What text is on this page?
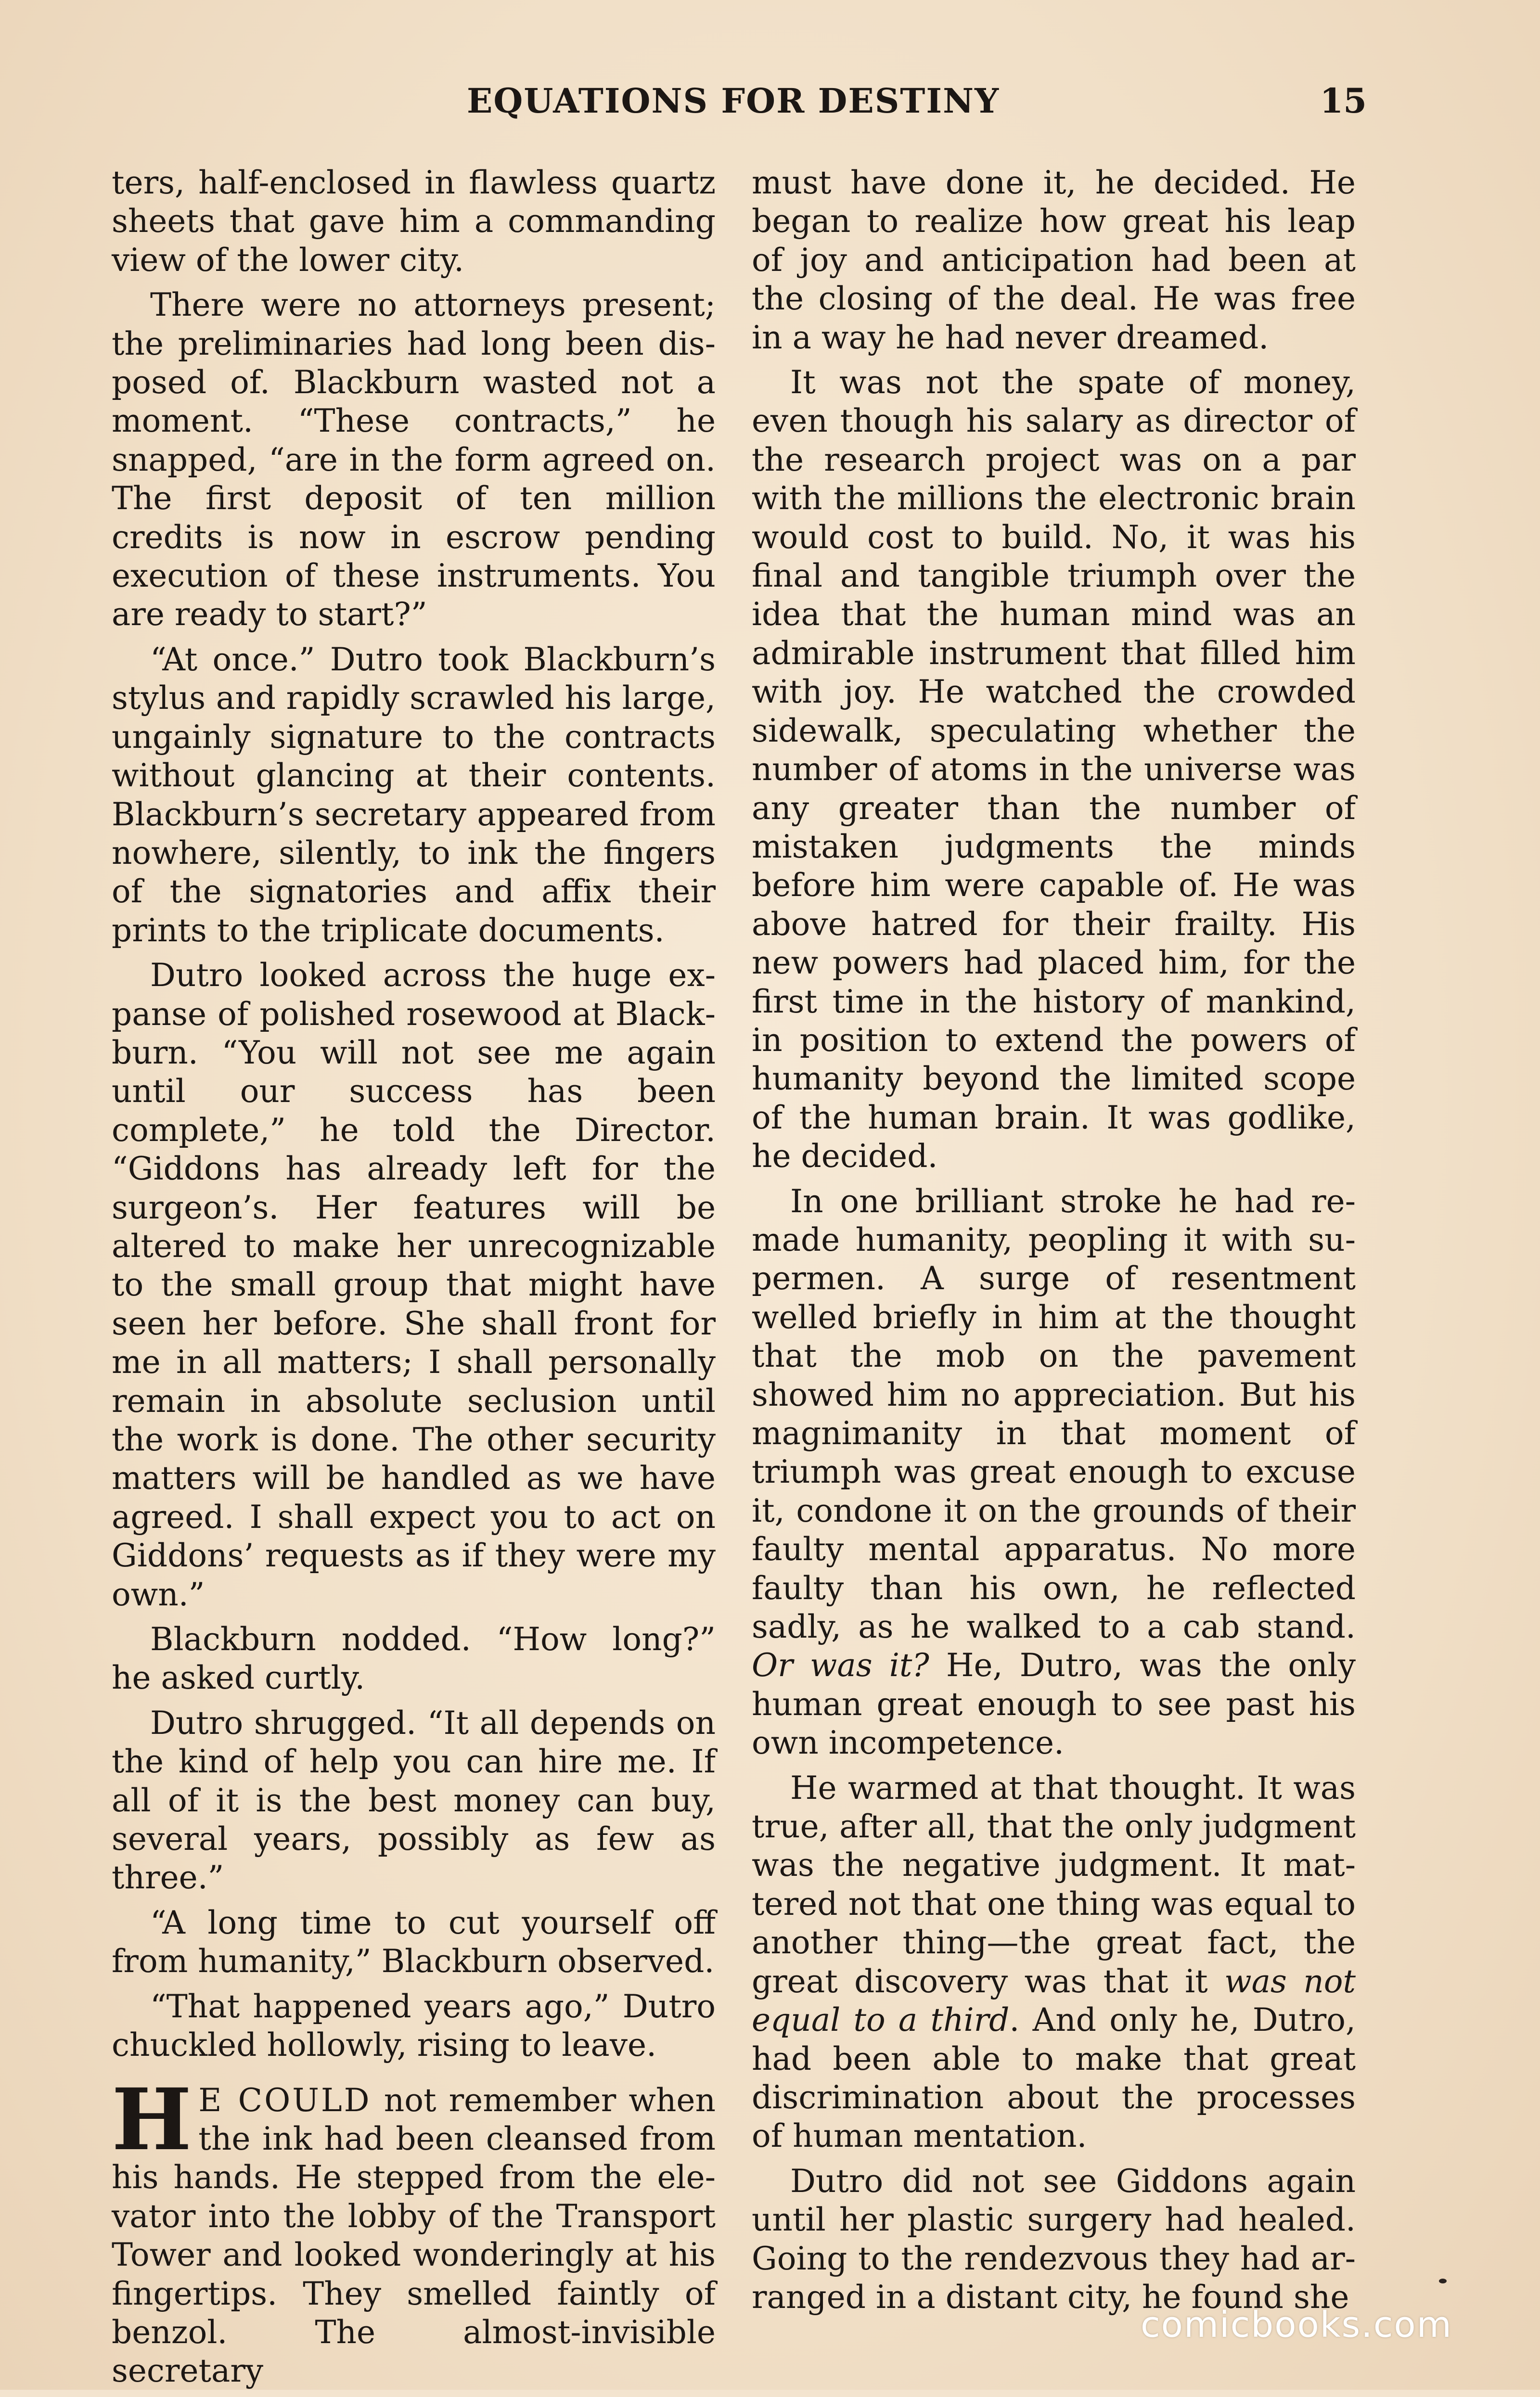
EQUATIONS FOR DESTINY	15

ters, half-enclosed in flawless quartz sheets that gave him a commanding view of the lower city.

There were no attorneys present; the preliminaries had long been disposed of. Blackburn wasted not a moment. “These contracts,” he snapped, “are in the form agreed on. The first deposit of ten million credits is now in escrow pending execution of these instruments. You are ready to start?”

“At once.” Dutro took Blackburn’s stylus and rapidly scrawled his large, ungainly signature to the contracts without glancing at their contents. Blackburn’s secretary appeared from nowhere, silently, to ink the fingers of the signatories and affix their prints to the triplicate documents.

Dutro looked across the huge expanse of polished rosewood at Blackburn. “You will not see me again until our success has been complete,” he told the Director. “Giddons has already left for the surgeon’s. Her features will be altered to make her unrecognizable to the small group that might have seen her before. She shall front for me in all matters; I shall personally remain in absolute seclusion until the work is done. The other security matters will be handled as we have agreed. I shall expect you to act on Giddons’ requests as if they were my own.”

Blackburn nodded. “How long?” he asked curtly.

Dutro shrugged. “It all depends on the kind of help you can hire me. If all of it is the best money can buy, several years, possibly as few as three.”

“A long time to cut yourself off from humanity,” Blackburn observed.

“That happened years ago,” Dutro chuckled hollowly, rising to leave.

H E COULD not remember when the ink had been cleansed from his hands. He stepped from the elevator into the lobby of the Transport Tower and looked wonderingly at his fingertips. They smelled faintly of benzol. The almost-invisible secretary

must have done it, he decided. He began to realize how great his leap of joy and anticipation had been at the closing of the deal. He was free in a way he had never dreamed.

It was not the spate of money, even though his salary as director of the research project was on a par with the millions the electronic brain would cost to build. No, it was his final and tangible triumph over the idea that the human mind was an admirable instrument that filled him with joy. He watched the crowded sidewalk, speculating whether the number of atoms in the universe was any greater than the number of mistaken judgments the minds before him were capable of. He was above hatred for their frailty. His new powers had placed him, for the first time in the history of mankind, in position to extend the powers of humanity beyond the limited scope of the human brain. It was godlike, he decided.

In one brilliant stroke he had remade humanity, peopling it with supermen. A surge of resentment welled briefly in him at the thought that the mob on the pavement showed him no appreciation. But his magnimanity in that moment of triumph was great enough to excuse it, condone it on the grounds of their faulty mental apparatus. No more faulty than his own, he reflected sadly, as he walked to a cab stand. Or was it? He, Dutro, was the only human great enough to see past his own incompetence.

He warmed at that thought. It was true, after all, that the only judgment was the negative judgment. It mattered not that one thing was equal to another thing—the great fact, the great discovery was that it was not equal to a third. And only he, Dutro, had been able to make that great discrimination about the processes of human mentation.

Dutro did not see Giddons again until her plastic surgery had healed. Going to the rendezvous they had arranged in a distant city, he found she

comicbooks.com
